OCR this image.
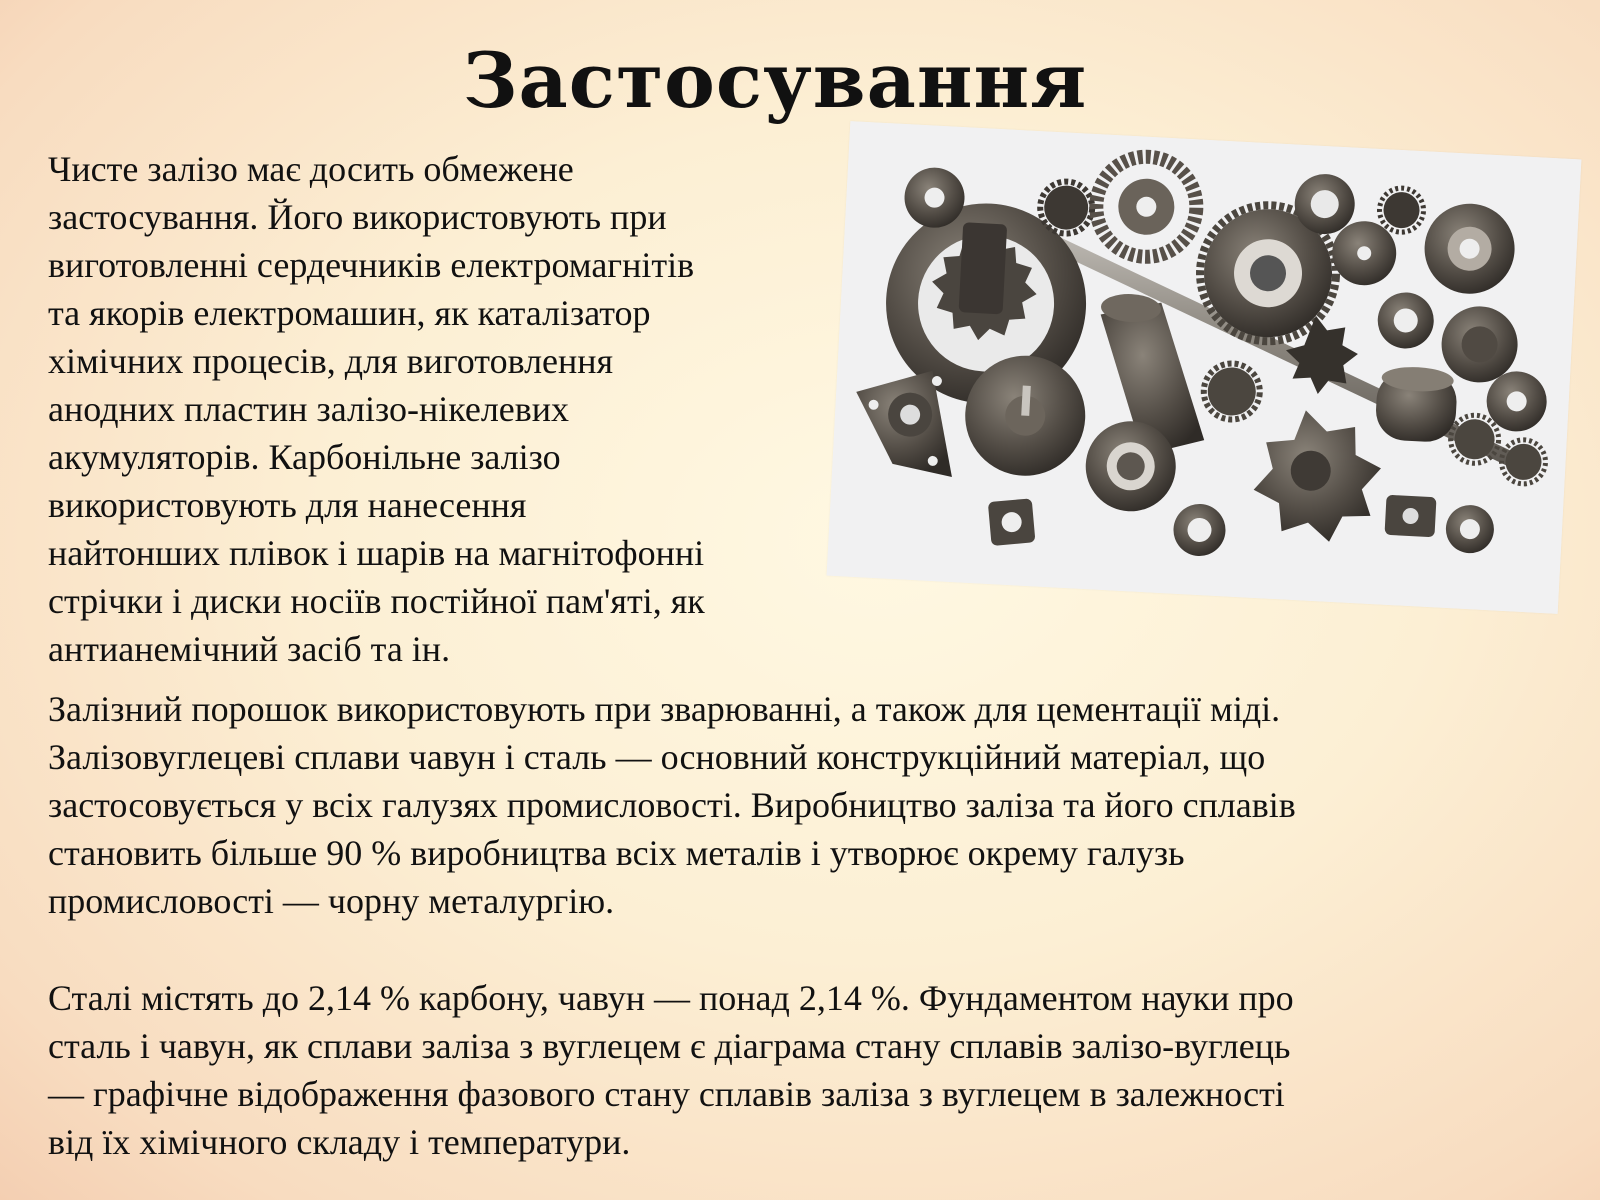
Застосування

Чисте залізо має досить обмежене
застосування. Його використовують при
виготовленні сердечників електромагнітів
та якорів електромашин, як каталізатор
хімічних процесів, для виготовлення
анодних пластин залізо-нікелевих
акумуляторів. Карбонільне залізо
використовують для нанесення
найтонших плівок і шарів на магнітофонні
стрічки і диски носіїв постійної пам'яті, як
антианемічний засіб та ін.

Залізний порошок використовують при зварюванні, а також для цементації міді.
Залізовуглецеві сплави чавун і сталь — основний конструкційний матеріал, що
застосовується у всіх галузях промисловості. Виробництво заліза та його сплавів
становить більше 90 % виробництва всіх металів і утворює окрему галузь
промисловості — чорну металургію.

Сталі містять до 2,14 % карбону, чавун — понад 2,14 %. Фундаментом науки про
сталь і чавун, як сплави заліза з вуглецем є діаграма стану сплавів залізо-вуглець
— графічне відображення фазового стану сплавів заліза з вуглецем в залежності
від їх хімічного складу і температури.
